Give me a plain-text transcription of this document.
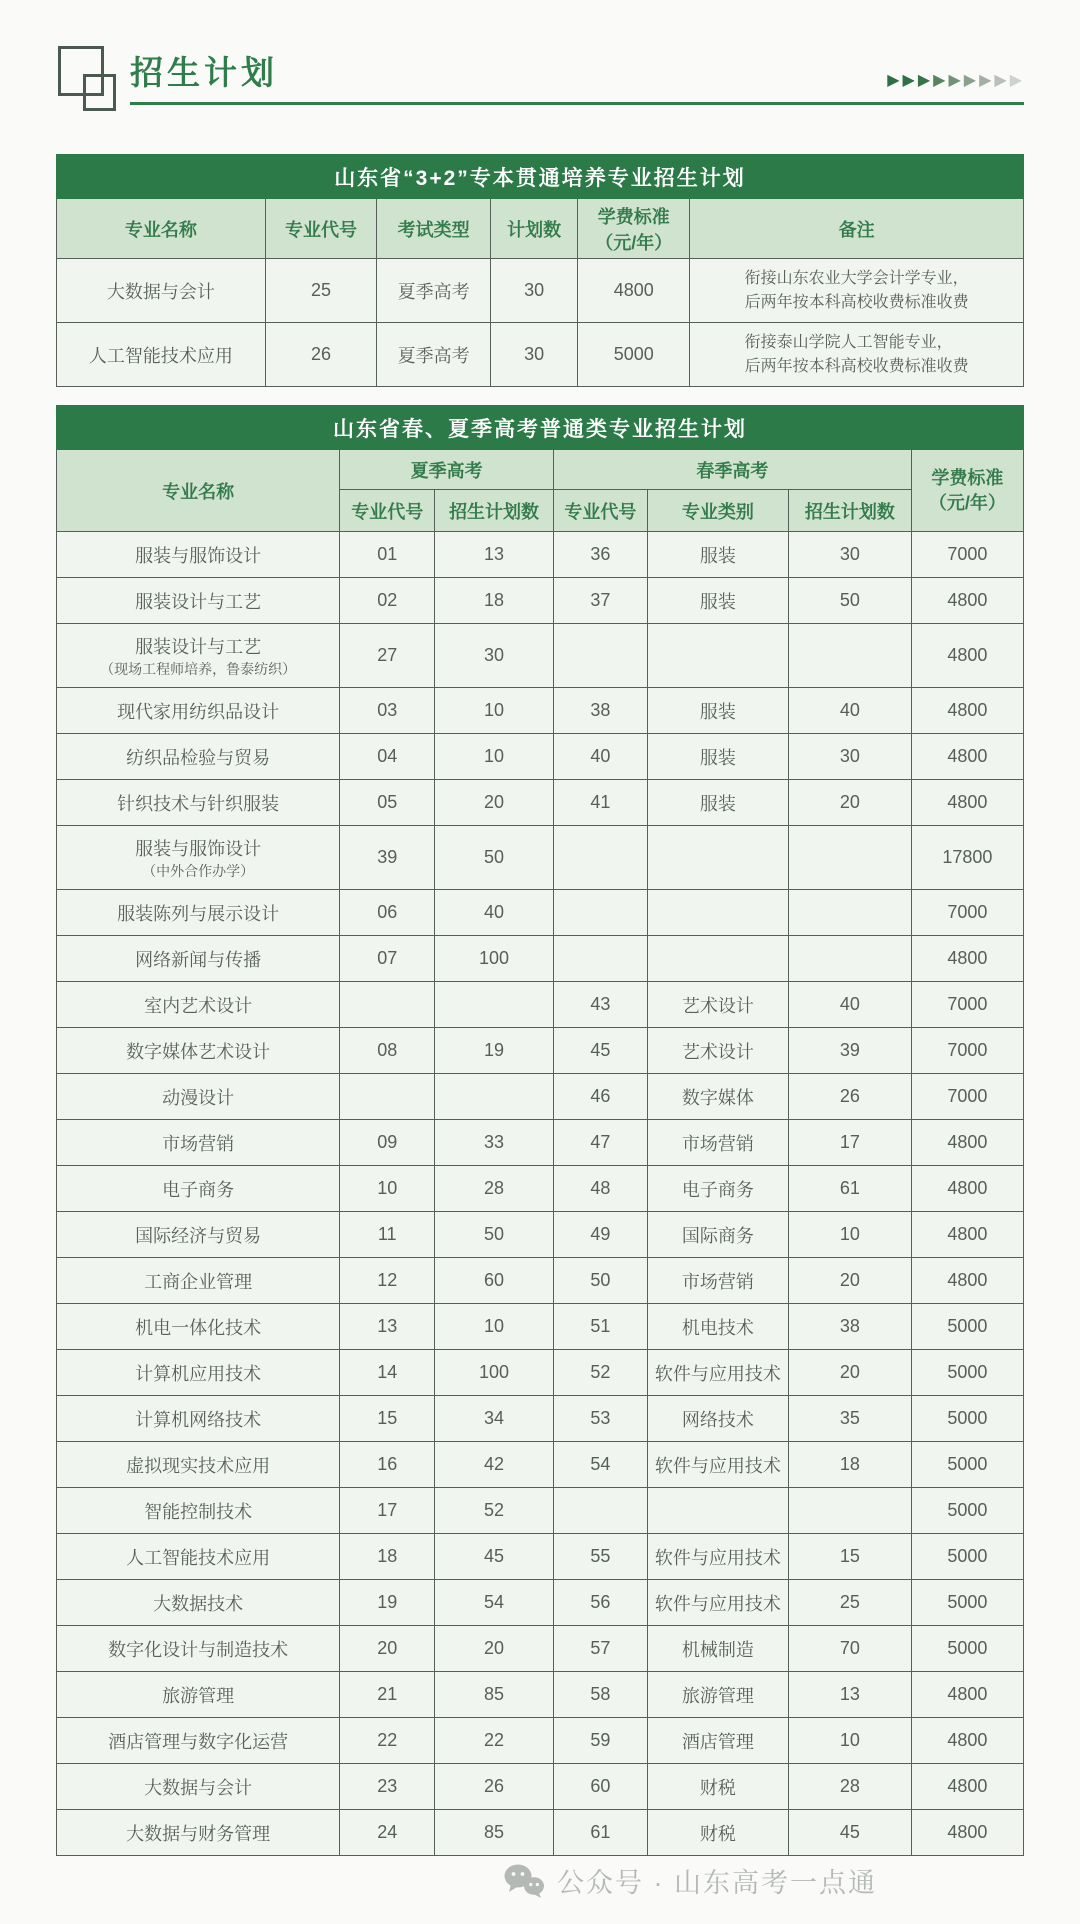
招生计划	▶ ▶ ▶ ▶ ▶ ▶ ▶ ▶ ▶
山东省“3+2”专本贯通培养专业招生计划					

专业名称	专业代号	考试类型	计划数	学费标准
（元/年）	备注

大数据与会计	25	夏季高考	30	4800	衔接山东农业大学会计学专业，
后两年按本科高校收费标准收费

人工智能技术应用	26	夏季高考	30	5000	衔接泰山学院人工智能专业，
后两年按本科高校收费标准收费
山东省春、夏季高考普通类专业招生计划						
专业名称	夏季高考		春季高考			学费标准
（元/年）

	专业代号	招生计划数	专业代号	专业类别	招生计划数	

服装与服饰设计	01	13	36	服装	30	7000

服装设计与工艺	02	18	37	服装	50	4800

服装设计与工艺
（现场工程师培养，鲁泰纺织）	27	30				4800

现代家用纺织品设计	03	10	38	服装	40	4800

纺织品检验与贸易	04	10	40	服装	30	4800

针织技术与针织服装	05	20	41	服装	20	4800

服装与服饰设计
（中外合作办学）	39	50				17800

服装陈列与展示设计	06	40				7000

网络新闻与传播	07	100				4800

室内艺术设计			43	艺术设计	40	7000

数字媒体艺术设计	08	19	45	艺术设计	39	7000

动漫设计			46	数字媒体	26	7000

市场营销	09	33	47	市场营销	17	4800

电子商务	10	28	48	电子商务	61	4800

国际经济与贸易	11	50	49	国际商务	10	4800

工商企业管理	12	60	50	市场营销	20	4800

机电一体化技术	13	10	51	机电技术	38	5000

计算机应用技术	14	100	52	软件与应用技术	20	5000

计算机网络技术	15	34	53	网络技术	35	5000

虚拟现实技术应用	16	42	54	软件与应用技术	18	5000

智能控制技术	17	52				5000

人工智能技术应用	18	45	55	软件与应用技术	15	5000

大数据技术	19	54	56	软件与应用技术	25	5000

数字化设计与制造技术	20	20	57	机械制造	70	5000

旅游管理	21	85	58	旅游管理	13	4800

酒店管理与数字化运营	22	22	59	酒店管理	10	4800

大数据与会计	23	26	60	财税	28	4800

大数据与财务管理	24	85	61	财税	45	4800
公众号 · 山东高考一点通
